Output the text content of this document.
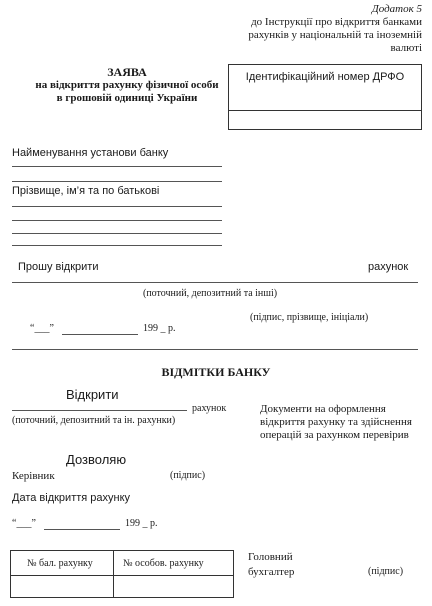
Додаток 5
до Інструкції про відкриття банками рахунків у національній та іноземній валюті
ЗАЯВА
на відкриття рахунку фізичної особи
в грошовій одиниці України
Ідентифікаційний номер ДРФО
Найменування установи банку
Прізвище, ім’я та по батькові
Прошу відкрити	рахунок
(поточний, депозитний та інші)
(підпис, прізвище, ініціали)
“___”	199 _ р.
ВІДМІТКИ БАНКУ
Відкрити
рахунок
(поточний, депозитний та ін. рахунки)
Документи на оформлення відкриття рахунку та здійснення операцій за рахунком перевірив
Дозволяю
Керівник	(підпис)
Дата відкриття рахунку
“___”	199 _ р.
№ бал. рахунку	№ особов. рахунку
Головний
бухгалтер	(підпис)
